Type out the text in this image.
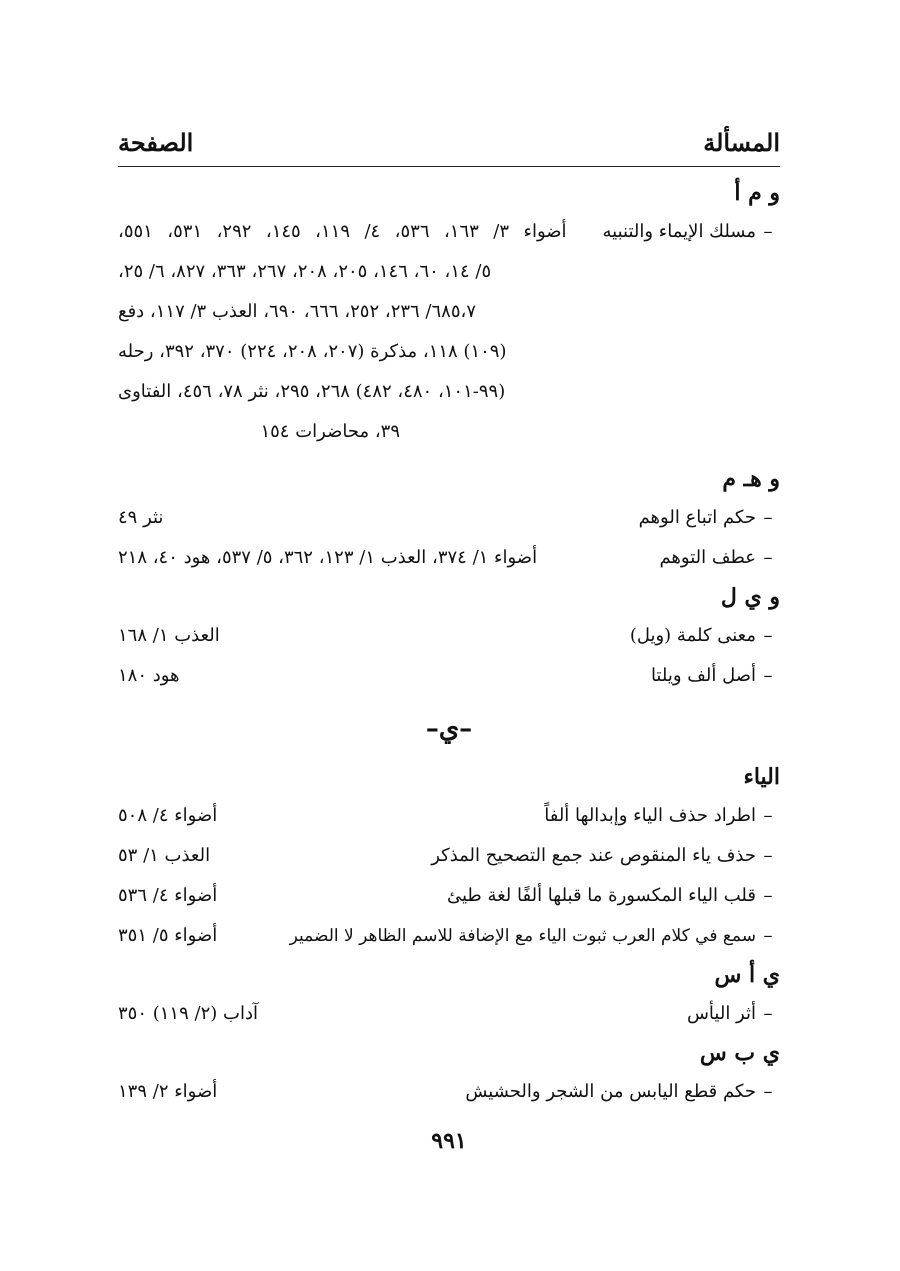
المسألة
الصفحة
و م أ
–
مسلك الإيماء والتنبيه
أضواء ٣/ ١٦٣، ٥٣٦، ٤/ ١١٩، ١٤٥، ٢٩٢، ٥٣١، ٥٥١،
٥/ ١٤، ٦٠، ١٤٦، ٢٠٥، ٢٠٨، ٢٦٧، ٣٦٣، ٨٢٧، ٦/ ٢٥،
٦٨٥،٧/ ٢٣٦، ٢٥٢، ٦٦٦، ٦٩٠، العذب ٣/ ١١٧، دفع
(١٠٩) ١١٨، مذكرة (٢٠٧، ٢٠٨، ٢٢٤) ٣٧٠، ٣٩٢، رحله
(٩٩-١٠١، ٤٨٠، ٤٨٢) ٢٦٨، ٢٩٥، نثر ٧٨، ٤٥٦، الفتاوى
٣٩، محاضرات ١٥٤
و هـ م
–
حكم اتباع الوهم
نثر ٤٩
–
عطف التوهم
أضواء ١/ ٣٧٤، العذب ١/ ١٢٣، ٣٦٢، ٥/ ٥٣٧، هود ٤٠، ٢١٨
و ي ل
–
معنى كلمة (ويل)
العذب ١/ ١٦٨
–
أصل ألف ويلتا
هود ١٨٠
–ي–
الياء
–
اطراد حذف الياء وإبدالها ألفاً
أضواء ٤/ ٥٠٨
–
حذف ياء المنقوص عند جمع التصحيح المذكر
العذب ١/ ٥٣
–
قلب الياء المكسورة ما قبلها ألفًا لغة طيئ
أضواء ٤/ ٥٣٦
–
سمع في كلام العرب ثبوت الياء مع الإضافة للاسم الظاهر لا الضمير
أضواء ٥/ ٣٥١
ي أ س
–
أثر اليأس
آداب (٢/ ١١٩) ٣٥٠
ي ب س
–
حكم قطع اليابس من الشجر والحشيش
أضواء ٢/ ١٣٩
٩٩١
